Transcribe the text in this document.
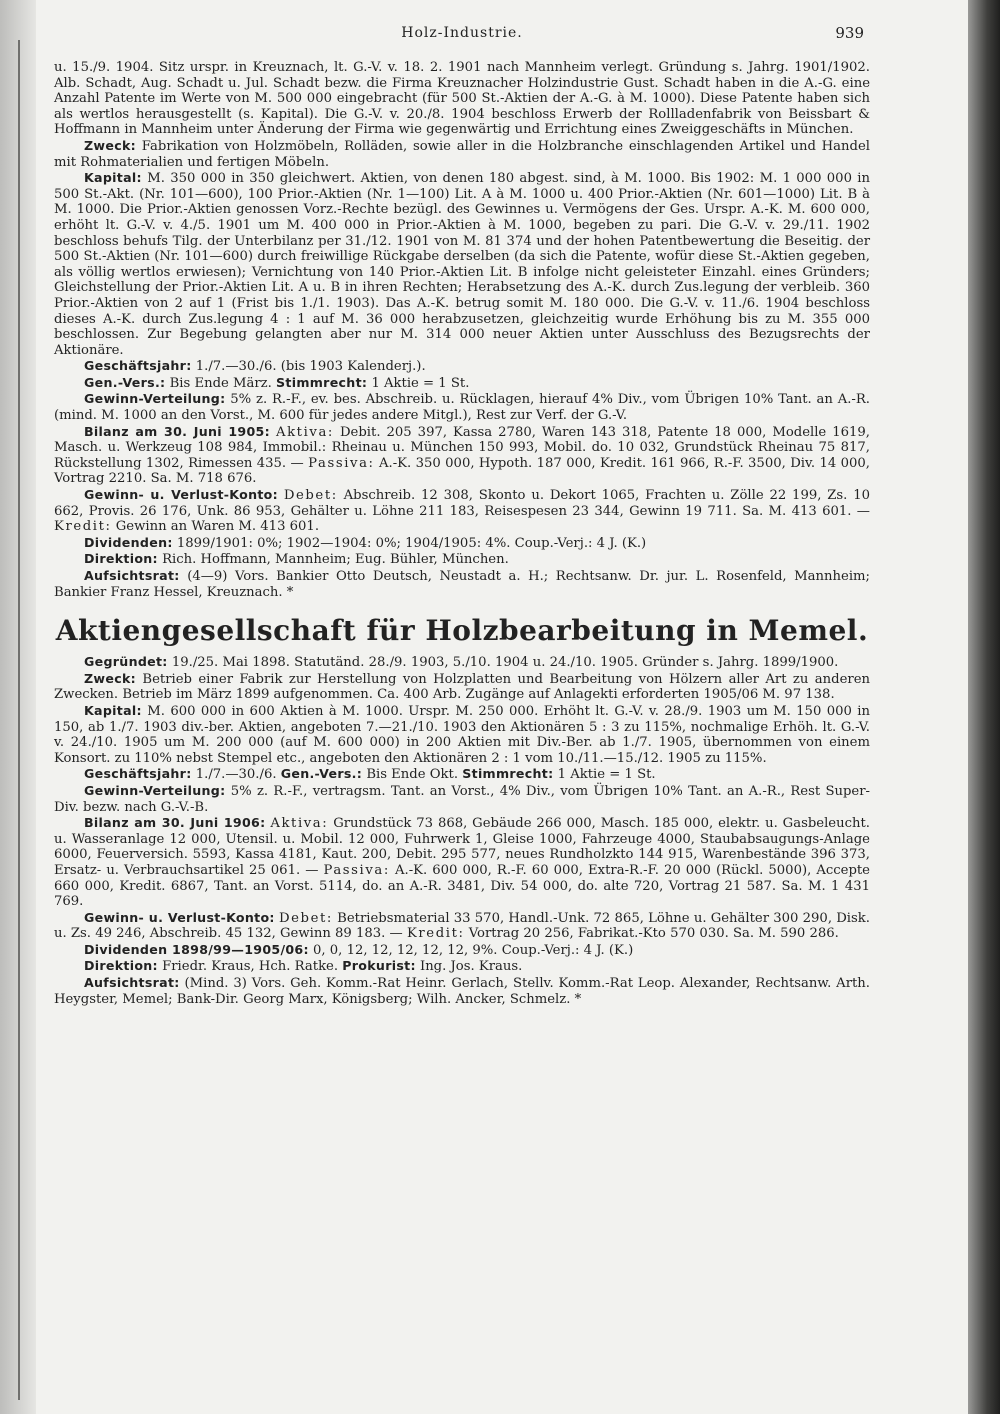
Holz-Industrie.	939

u. 15./9. 1904. Sitz urspr. in Kreuznach, lt. G.-V. v. 18. 2. 1901 nach Mannheim verlegt. Gründung s. Jahrg. 1901/1902. Alb. Schadt, Aug. Schadt u. Jul. Schadt bezw. die Firma Kreuznacher Holzindustrie Gust. Schadt haben in die A.-G. eine Anzahl Patente im Werte von M. 500 000 eingebracht (für 500 St.-Aktien der A.-G. à M. 1000). Diese Patente haben sich als wertlos herausgestellt (s. Kapital). Die G.-V. v. 20./8. 1904 beschloss Erwerb der Rollladenfabrik von Beissbart & Hoffmann in Mannheim unter Änderung der Firma wie gegenwärtig und Errichtung eines Zweiggeschäfts in München.

Zweck: Fabrikation von Holzmöbeln, Rolläden, sowie aller in die Holzbranche einschlagenden Artikel und Handel mit Rohmaterialien und fertigen Möbeln.

Kapital: M. 350 000 in 350 gleichwert. Aktien, von denen 180 abgest. sind, à M. 1000. Bis 1902: M. 1 000 000 in 500 St.-Akt. (Nr. 101—600), 100 Prior.-Aktien (Nr. 1—100) Lit. A à M. 1000 u. 400 Prior.-Aktien (Nr. 601—1000) Lit. B à M. 1000. Die Prior.-Aktien genossen Vorz.-Rechte bezügl. des Gewinnes u. Vermögens der Ges. Urspr. A.-K. M. 600 000, erhöht lt. G.-V. v. 4./5. 1901 um M. 400 000 in Prior.-Aktien à M. 1000, begeben zu pari. Die G.-V. v. 29./11. 1902 beschloss behufs Tilg. der Unterbilanz per 31./12. 1901 von M. 81 374 und der hohen Patentbewertung die Beseitig. der 500 St.-Aktien (Nr. 101—600) durch freiwillige Rückgabe derselben (da sich die Patente, wofür diese St.-Aktien gegeben, als völlig wertlos erwiesen); Vernichtung von 140 Prior.-Aktien Lit. B infolge nicht geleisteter Einzahl. eines Gründers; Gleichstellung der Prior.-Aktien Lit. A u. B in ihren Rechten; Herabsetzung des A.-K. durch Zus.legung der verbleib. 360 Prior.-Aktien von 2 auf 1 (Frist bis 1./1. 1903). Das A.-K. betrug somit M. 180 000. Die G.-V. v. 11./6. 1904 beschloss dieses A.-K. durch Zus.legung 4 : 1 auf M. 36 000 herabzusetzen, gleichzeitig wurde Erhöhung bis zu M. 355 000 beschlossen. Zur Begebung gelangten aber nur M. 314 000 neuer Aktien unter Ausschluss des Bezugsrechts der Aktionäre.

Geschäftsjahr: 1./7.—30./6. (bis 1903 Kalenderj.).

Gen.-Vers.: Bis Ende März. Stimmrecht: 1 Aktie = 1 St.

Gewinn-Verteilung: 5% z. R.-F., ev. bes. Abschreib. u. Rücklagen, hierauf 4% Div., vom Übrigen 10% Tant. an A.-R. (mind. M. 1000 an den Vorst., M. 600 für jedes andere Mitgl.), Rest zur Verf. der G.-V.

Bilanz am 30. Juni 1905: Aktiva: Debit. 205 397, Kassa 2780, Waren 143 318, Patente 18 000, Modelle 1619, Masch. u. Werkzeug 108 984, Immobil.: Rheinau u. München 150 993, Mobil. do. 10 032, Grundstück Rheinau 75 817, Rückstellung 1302, Rimessen 435. — Passiva: A.-K. 350 000, Hypoth. 187 000, Kredit. 161 966, R.-F. 3500, Div. 14 000, Vortrag 2210. Sa. M. 718 676.

Gewinn- u. Verlust-Konto: Debet: Abschreib. 12 308, Skonto u. Dekort 1065, Frachten u. Zölle 22 199, Zs. 10 662, Provis. 26 176, Unk. 86 953, Gehälter u. Löhne 211 183, Reisespesen 23 344, Gewinn 19 711. Sa. M. 413 601. — Kredit: Gewinn an Waren M. 413 601.

Dividenden: 1899/1901: 0%; 1902—1904: 0%; 1904/1905: 4%. Coup.-Verj.: 4 J. (K.)

Direktion: Rich. Hoffmann, Mannheim; Eug. Bühler, München.

Aufsichtsrat: (4—9) Vors. Bankier Otto Deutsch, Neustadt a. H.; Rechtsanw. Dr. jur. L. Rosenfeld, Mannheim; Bankier Franz Hessel, Kreuznach. *

Aktiengesellschaft für Holzbearbeitung in Memel.

Gegründet: 19./25. Mai 1898. Statutänd. 28./9. 1903, 5./10. 1904 u. 24./10. 1905. Gründer s. Jahrg. 1899/1900.

Zweck: Betrieb einer Fabrik zur Herstellung von Holzplatten und Bearbeitung von Hölzern aller Art zu anderen Zwecken. Betrieb im März 1899 aufgenommen. Ca. 400 Arb. Zugänge auf Anlagekti erforderten 1905/06 M. 97 138.

Kapital: M. 600 000 in 600 Aktien à M. 1000. Urspr. M. 250 000. Erhöht lt. G.-V. v. 28./9. 1903 um M. 150 000 in 150, ab 1./7. 1903 div.-ber. Aktien, angeboten 7.—21./10. 1903 den Aktionären 5 : 3 zu 115%, nochmalige Erhöh. lt. G.-V. v. 24./10. 1905 um M. 200 000 (auf M. 600 000) in 200 Aktien mit Div.-Ber. ab 1./7. 1905, übernommen von einem Konsort. zu 110% nebst Stempel etc., angeboten den Aktionären 2 : 1 vom 10./11.—15./12. 1905 zu 115%.

Geschäftsjahr: 1./7.—30./6. Gen.-Vers.: Bis Ende Okt. Stimmrecht: 1 Aktie = 1 St.

Gewinn-Verteilung: 5% z. R.-F., vertragsm. Tant. an Vorst., 4% Div., vom Übrigen 10% Tant. an A.-R., Rest Super-Div. bezw. nach G.-V.-B.

Bilanz am 30. Juni 1906: Aktiva: Grundstück 73 868, Gebäude 266 000, Masch. 185 000, elektr. u. Gasbeleucht. u. Wasseranlage 12 000, Utensil. u. Mobil. 12 000, Fuhrwerk 1, Gleise 1000, Fahrzeuge 4000, Staubabsaugungs-Anlage 6000, Feuerversich. 5593, Kassa 4181, Kaut. 200, Debit. 295 577, neues Rundholzkto 144 915, Warenbestände 396 373, Ersatz- u. Verbrauchsartikel 25 061. — Passiva: A.-K. 600 000, R.-F. 60 000, Extra-R.-F. 20 000 (Rückl. 5000), Accepte 660 000, Kredit. 6867, Tant. an Vorst. 5114, do. an A.-R. 3481, Div. 54 000, do. alte 720, Vortrag 21 587. Sa. M. 1 431 769.

Gewinn- u. Verlust-Konto: Debet: Betriebsmaterial 33 570, Handl.-Unk. 72 865, Löhne u. Gehälter 300 290, Disk. u. Zs. 49 246, Abschreib. 45 132, Gewinn 89 183. — Kredit: Vortrag 20 256, Fabrikat.-Kto 570 030. Sa. M. 590 286.

Dividenden 1898/99—1905/06: 0, 0, 12, 12, 12, 12, 12, 9%. Coup.-Verj.: 4 J. (K.)

Direktion: Friedr. Kraus, Hch. Ratke. Prokurist: Ing. Jos. Kraus.

Aufsichtsrat: (Mind. 3) Vors. Geh. Komm.-Rat Heinr. Gerlach, Stellv. Komm.-Rat Leop. Alexander, Rechtsanw. Arth. Heygster, Memel; Bank-Dir. Georg Marx, Königsberg; Wilh. Ancker, Schmelz. *
